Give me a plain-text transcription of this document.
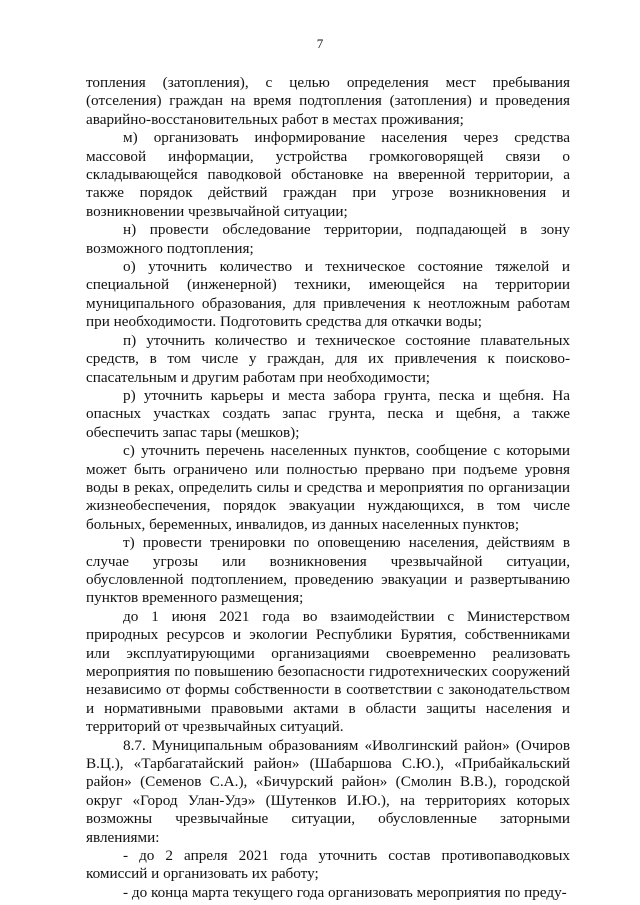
7

топления (затопления), с целью определения мест пребывания (отселения) граждан на время подтопления (затопления) и проведения аварийно-восстановительных работ в местах проживания;

м) организовать информирование населения через средства массовой информации, устройства громкоговорящей связи о складывающейся паводковой обстановке на вверенной территории, а также порядок действий граждан при угрозе возникновения и возникновении чрезвычайной ситуации;

н) провести обследование территории, подпадающей в зону возможного подтопления;

о) уточнить количество и техническое состояние тяжелой и специальной (инженерной) техники, имеющейся на территории муниципального образования, для привлечения к неотложным работам при необходимости. Подготовить средства для откачки воды;

п) уточнить количество и техническое состояние плавательных средств, в том числе у граждан, для их привлечения к поисково-спасательным и другим работам при необходимости;

р) уточнить карьеры и места забора грунта, песка и щебня. На опасных участках создать запас грунта, песка и щебня, а также обеспечить запас тары (мешков);

с) уточнить перечень населенных пунктов, сообщение с которыми может быть ограничено или полностью прервано при подъеме уровня воды в реках, определить силы и средства и мероприятия по организации жизнеобеспечения, порядок эвакуации нуждающихся, в том числе больных, беременных, инвалидов, из данных населенных пунктов;

т) провести тренировки по оповещению населения, действиям в случае угрозы или возникновения чрезвычайной ситуации, обусловленной подтоплением, проведению эвакуации и развертыванию пунктов временного размещения;

до 1 июня 2021 года во взаимодействии с Министерством природных ресурсов и экологии Республики Бурятия, собственниками или эксплуатирующими организациями своевременно реализовать мероприятия по повышению безопасности гидротехнических сооружений независимо от формы собственности в соответствии с законодательством и нормативными правовыми актами в области защиты населения и территорий от чрезвычайных ситуаций.

8.7. Муниципальным образованиям «Иволгинский район» (Очиров В.Ц.), «Тарбагатайский район» (Шабаршова С.Ю.), «Прибайкальский район» (Семенов С.А.), «Бичурский район» (Смолин В.В.), городской округ «Город Улан-Удэ» (Шутенков И.Ю.), на территориях которых возможны чрезвычайные ситуации, обусловленные заторными явлениями:

- до 2 апреля 2021 года уточнить состав противопаводковых комиссий и организовать их работу;

- до конца марта текущего года организовать мероприятия по преду-
